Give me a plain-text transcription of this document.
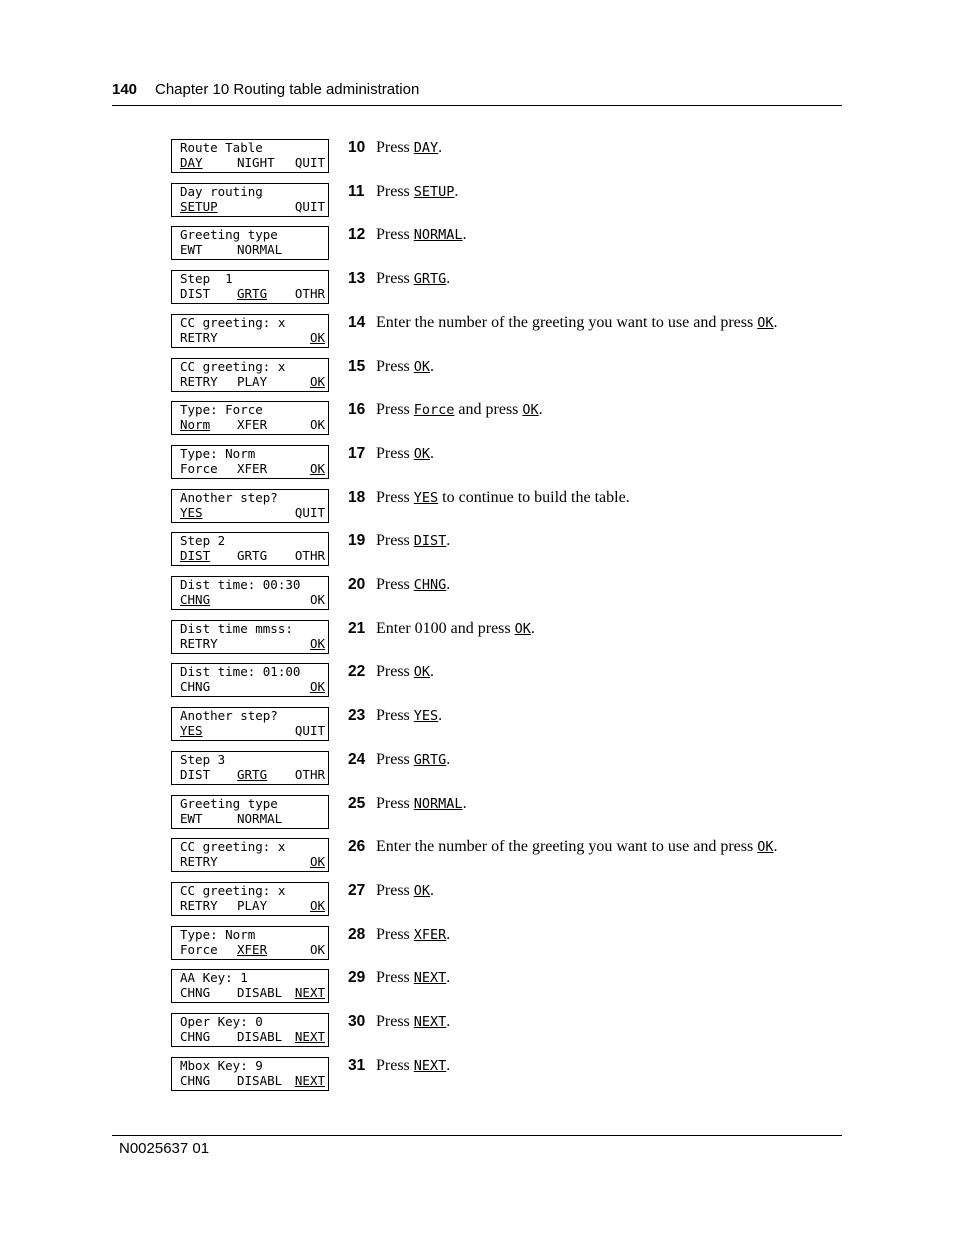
140 Chapter 10 Routing table administration
Route Table
DAY	NIGHT QUIT
10 Press DAY.
Day routing
SETUP	QUIT
11 Press SETUP.
Greeting type
EWT	NORMAL
12 Press NORMAL.
Step  1
DIST GRTG OTHR
13 Press GRTG.
CC greeting: x
RETRY	OK
14 Enter the number of the greeting you want to use and press OK.
CC greeting: x
RETRY PLAY	OK
15 Press OK.
Type: Force
Norm XFER	OK
16 Press Force and press OK.
Type: Norm
Force XFER	OK
17 Press OK.
Another step?
YES	QUIT
18 Press YES to continue to build the table.
Step 2
DIST GRTG OTHR
19 Press DIST.
Dist time: 00:30
CHNG	OK
20 Press CHNG.
Dist time mmss:
RETRY	OK
21 Enter 0100 and press OK.
Dist time: 01:00
CHNG	OK
22 Press OK.
Another step?
YES	QUIT
23 Press YES.
Step 3
DIST GRTG OTHR
24 Press GRTG.
Greeting type
EWT	NORMAL
25 Press NORMAL.
CC greeting: x
RETRY	OK
26 Enter the number of the greeting you want to use and press OK.
CC greeting: x
RETRY PLAY	OK
27 Press OK.
Type: Norm
Force XFER	OK
28 Press XFER.
AA Key: 1
CHNG DISABL NEXT
29 Press NEXT.
Oper Key: 0
CHNG DISABL NEXT
30 Press NEXT.
Mbox Key: 9
CHNG DISABL NEXT
31 Press NEXT.
N0025637 01
